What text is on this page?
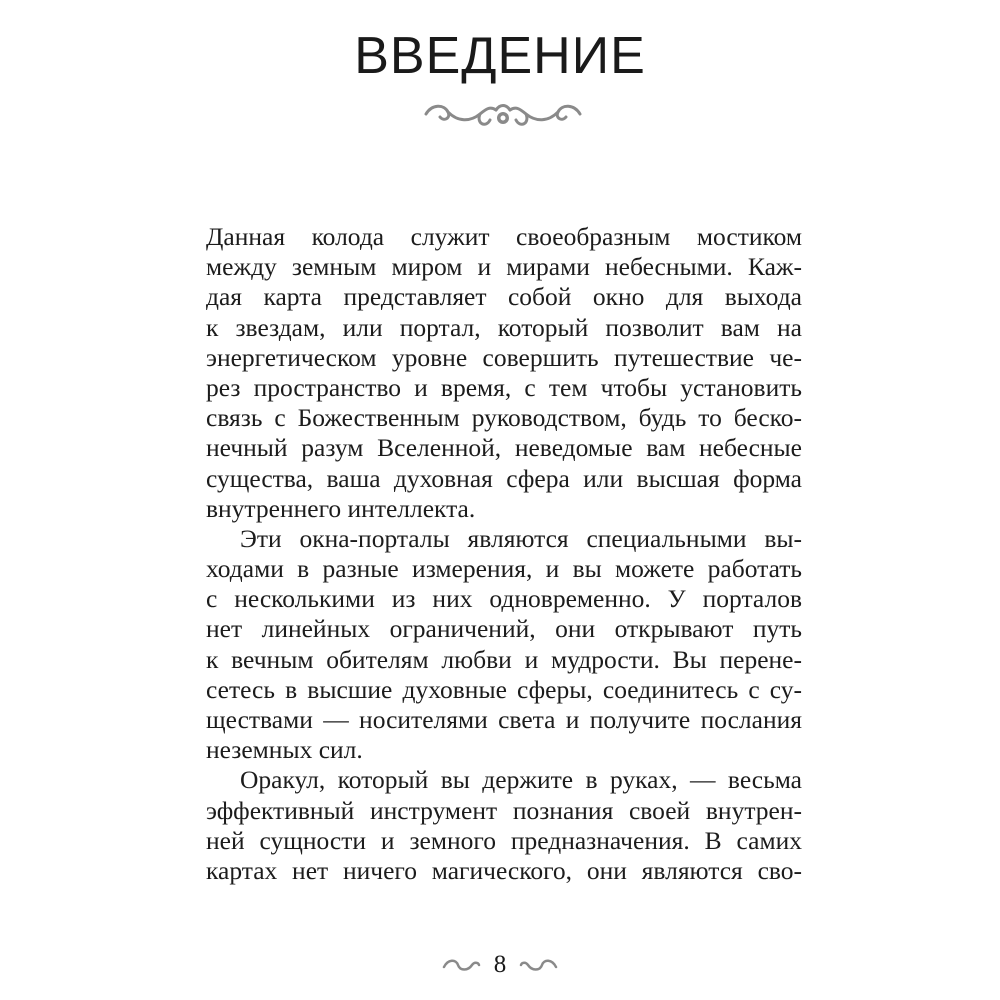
ВВЕДЕНИЕ
Данная колода служит своеобразным мостиком
между земным миром и мирами небесными. Каж-
дая карта представляет собой окно для выхода
к звездам, или портал, который позволит вам на
энергетическом уровне совершить путешествие че-
рез пространство и время, с тем чтобы установить
связь с Божественным руководством, будь то беско-
нечный разум Вселенной, неведомые вам небесные
существа, ваша духовная сфера или высшая форма
внутреннего интеллекта.
Эти окна-порталы являются специальными вы-
ходами в разные измерения, и вы можете работать
с несколькими из них одновременно. У порталов
нет линейных ограничений, они открывают путь
к вечным обителям любви и мудрости. Вы перене-
сетесь в высшие духовные сферы, соединитесь с су-
ществами — носителями света и получите послания
неземных сил.
Оракул, который вы держите в руках, — весьма
эффективный инструмент познания своей внутрен-
ней сущности и земного предназначения. В самих
картах нет ничего магического, они являются сво-
8
